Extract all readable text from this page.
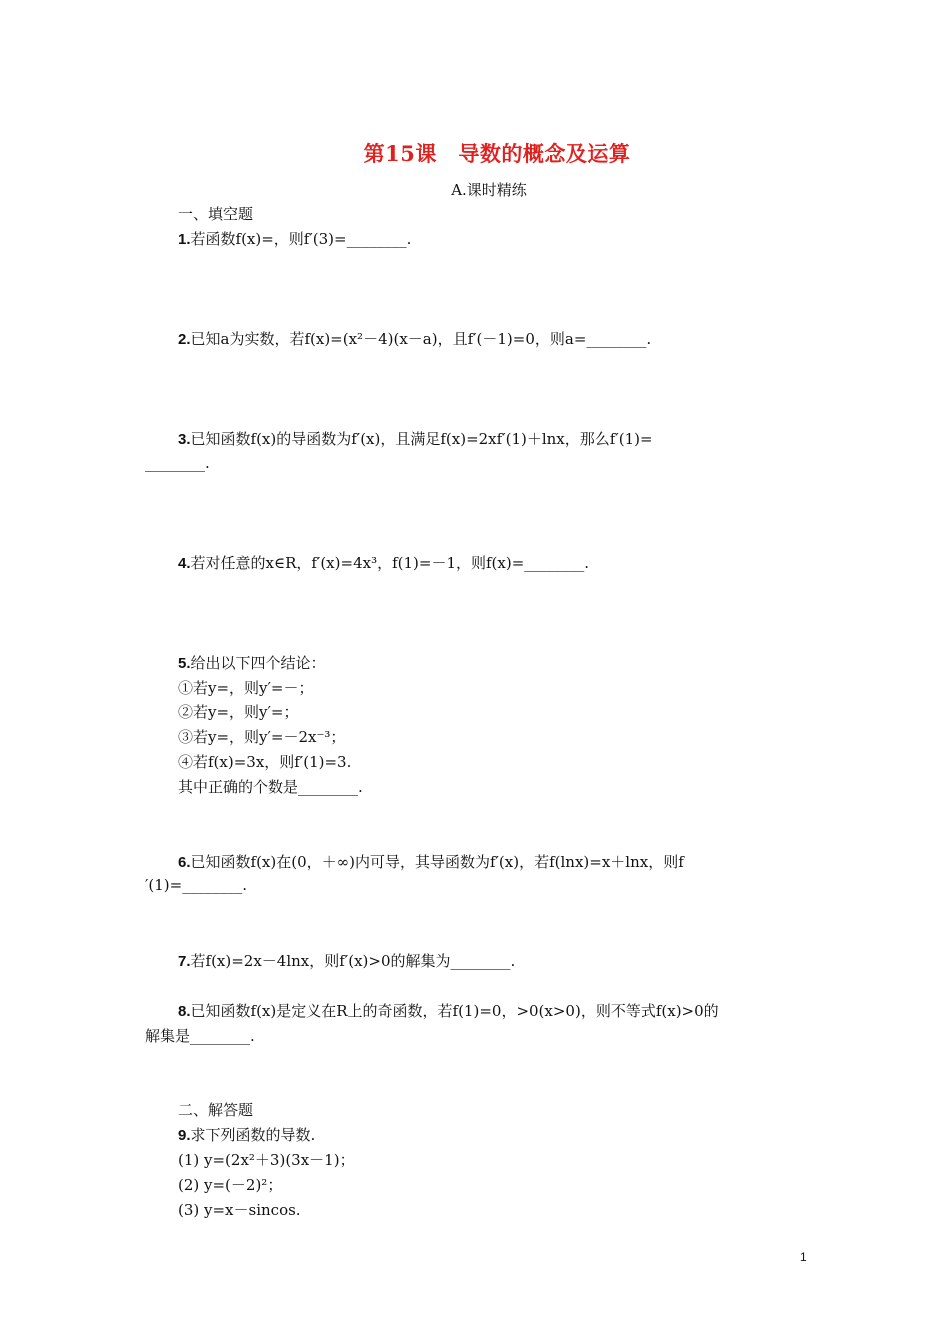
第15课　导数的概念及运算
A.课时精练
一、填空题
1.若函数f(x)=，则f′(3)=________.
2.已知a为实数，若f(x)=(x²－4)(x－a)，且f′(－1)=0，则a=________.
3.已知函数f(x)的导函数为f′(x)，且满足f(x)=2xf′(1)＋lnx，那么f′(1)=
________.
4.若对任意的x∈R，f′(x)=4x³，f(1)=－1，则f(x)=________.
5.给出以下四个结论：
①若y=，则y′=－；
②若y=，则y′=；
③若y=，则y′=－2x⁻³；
④若f(x)=3x，则f′(1)=3.
其中正确的个数是________.
6.已知函数f(x)在(0，＋∞)内可导，其导函数为f′(x)，若f(lnx)=x＋lnx，则f
′(1)=________.
7.若f(x)=2x－4lnx，则f′(x)>0的解集为________.
8.已知函数f(x)是定义在R上的奇函数，若f(1)=0，>0(x>0)，则不等式f(x)>0的
解集是________.
二、解答题
9.求下列函数的导数.
(1) y=(2x²＋3)(3x－1)；
(2) y=(－2)²；
(3) y=x－sincos.
1
